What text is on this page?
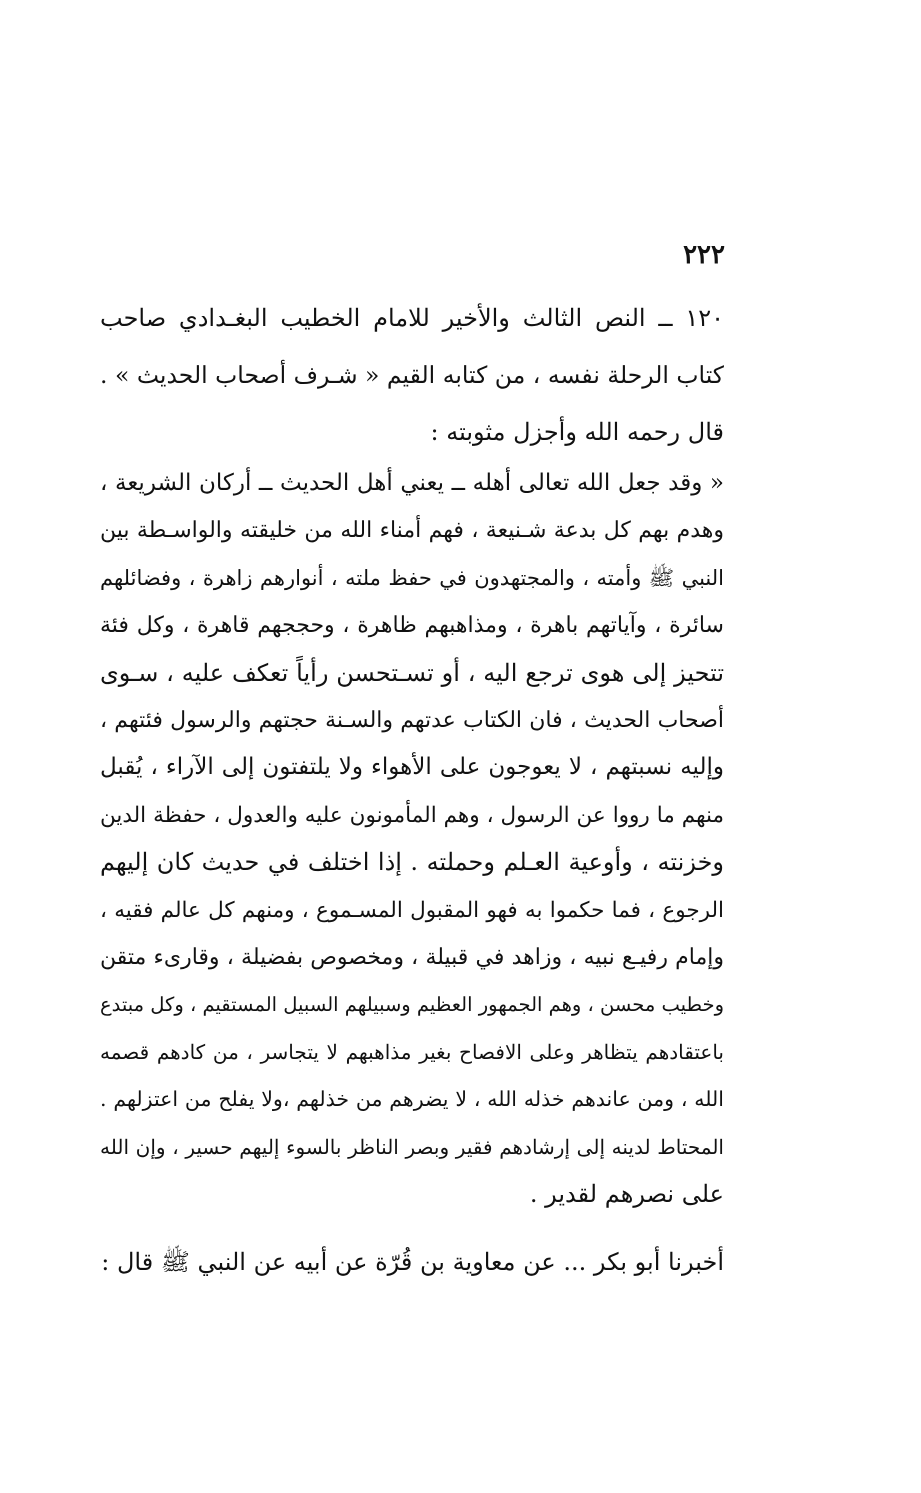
٢٢٢
١٢٠ ــ النص الثالث والأخير للامام الخطيب البغـدادي صاحب
كتاب الرحلة نفسه ، من كتابه القيم « شـرف أصحاب الحديث » .
قال رحمه الله وأجزل مثوبته :
« وقد جعل الله تعالى أهله ــ يعني أهل الحديث ــ أركان الشريعة ،
وهدم بهم كل بدعة شـنيعة ، فهم أمناء الله من خليقته والواسـطة بين
النبي ﷺ وأمته ، والمجتهدون في حفظ ملته ، أنوارهم زاهرة ، وفضائلهم
سائرة ، وآياتهم باهرة ، ومذاهبهم ظاهرة ، وحججهم قاهرة ، وكل فئة
تتحيز إلى هوى ترجع اليه ، أو تسـتحسن رأياً تعكف عليه ، سـوى
أصحاب الحديث ، فان الكتاب عدتهم والسـنة حجتهم والرسول فئتهم ،
وإليه نسبتهم ، لا يعوجون على الأهواء ولا يلتفتون إلى الآراء ، يُقبل
منهم ما رووا عن الرسول ، وهم المأمونون عليه والعدول ، حفظة الدين
وخزنته ، وأوعية العـلم وحملته . إذا اختلف في حديث كان إليهم
الرجوع ، فما حكموا به فهو المقبول المسـموع ، ومنهم كل عالم فقيه ،
وإمام رفيـع نبيه ، وزاهد في قبيلة ، ومخصوص بفضيلة ، وقارىء متقن
وخطيب محسن ، وهم الجمهور العظيم وسبيلهم السبيل المستقيم ، وكل مبتدع
باعتقادهم يتظاهر وعلى الافصاح بغير مذاهبهم لا يتجاسر ، من كادهم قصمه
الله ، ومن عاندهم خذله الله ، لا يضرهم من خذلهم ،ولا يفلح من اعتزلهم .
المحتاط لدينه إلى إرشادهم فقير وبصر الناظر بالسوء إليهم حسير ، وإن الله
على نصرهم لقدير .
أخبرنا أبو بكر ... عن معاوية بن قُرّة عن أبيه عن النبي ﷺ قال :
